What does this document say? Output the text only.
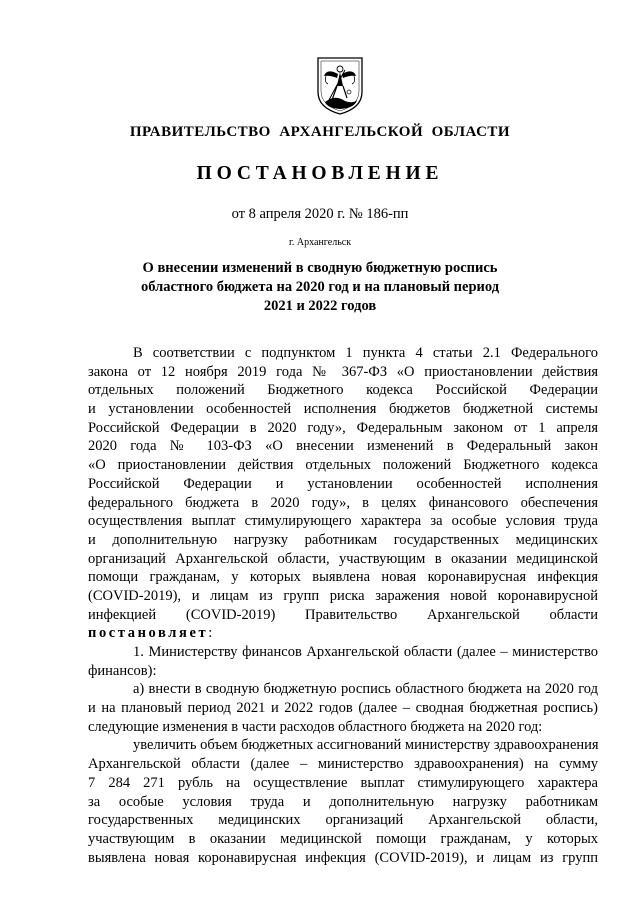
ПРАВИТЕЛЬСТВО  АРХАНГЕЛЬСКОЙ  ОБЛАСТИ
ПОСТАНОВЛЕНИЕ
от 8 апреля 2020 г. № 186-пп
г. Архангельск
О внесении изменений в сводную бюджетную роспись
областного бюджета на 2020 год и на плановый период
2021 и 2022 годов
В соответствии с подпунктом 1 пункта 4 статьи 2.1 Федерального
закона от 12 ноября 2019 года № 367-ФЗ «О приостановлении действия
отдельных положений Бюджетного кодекса Российской Федерации
и установлении особенностей исполнения бюджетов бюджетной системы
Российской Федерации в 2020 году», Федеральным законом от 1 апреля
2020 года № 103-ФЗ «О внесении изменений в Федеральный закон
«О приостановлении действия отдельных положений Бюджетного кодекса
Российской Федерации и установлении особенностей исполнения
федерального бюджета в 2020 году», в целях финансового обеспечения
осуществления выплат стимулирующего характера за особые условия труда
и дополнительную нагрузку работникам государственных медицинских
организаций Архангельской области, участвующим в оказании медицинской
помощи гражданам, у которых выявлена новая коронавирусная инфекция
(COVID-2019), и лицам из групп риска заражения новой коронавирусной
инфекцией (COVID-2019) Правительство Архангельской области
постановляет:
1. Министерству финансов Архангельской области (далее – министерство
финансов):
а) внести в сводную бюджетную роспись областного бюджета на 2020 год
и на плановый период 2021 и 2022 годов (далее – сводная бюджетная роспись)
следующие изменения в части расходов областного бюджета на 2020 год:
увеличить объем бюджетных ассигнований министерству здравоохранения
Архангельской области (далее – министерство здравоохранения) на сумму
7 284 271 рубль на осуществление выплат стимулирующего характера
за особые условия труда и дополнительную нагрузку работникам
государственных медицинских организаций Архангельской области,
участвующим в оказании медицинской помощи гражданам, у которых
выявлена новая коронавирусная инфекция (COVID-2019), и лицам из групп
